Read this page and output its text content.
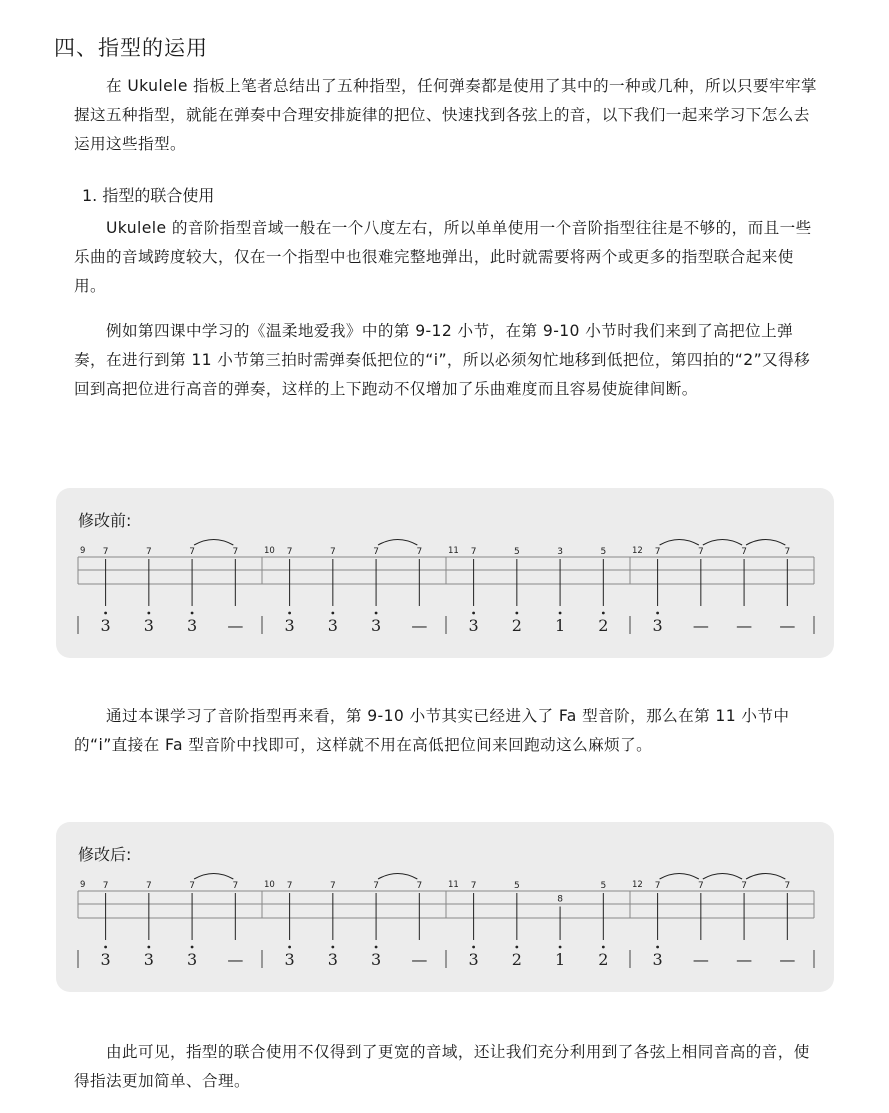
四、指型的运用

在 Ukulele 指板上笔者总结出了五种指型，任何弹奏都是使用了其中的一种或几种，所以只要牢牢掌握这五种指型，就能在弹奏中合理安排旋律的把位、快速找到各弦上的音，以下我们一起来学习下怎么去运用这些指型。

1. 指型的联合使用

Ukulele 的音阶指型音域一般在一个八度左右，所以单单使用一个音阶指型往往是不够的，而且一些乐曲的音域跨度较大，仅在一个指型中也很难完整地弹出，此时就需要将两个或更多的指型联合起来使用。

例如第四课中学习的《温柔地爱我》中的第 9-12 小节，在第 9-10 小节时我们来到了高把位上弹奏，在进行到第 11 小节第三拍时需弹奏低把位的“i”，所以必须匆忙地移到低把位，第四拍的“2”又得移回到高把位进行高音的弹奏，这样的上下跑动不仅增加了乐曲难度而且容易使旋律间断。

修改前:
9 7
3
7
3
7
3
7
—
10 7
3
7
3
7
3
7
—
11 7
3
5
2
3
1
5
2
12 7
3
7
—
7
—
7
—

通过本课学习了音阶指型再来看，第 9-10 小节其实已经进入了 Fa 型音阶，那么在第 11 小节中的“i”直接在 Fa 型音阶中找即可，这样就不用在高低把位间来回跑动这么麻烦了。

修改后:
9 7
3
7
3
7
3
7
—
10 7
3
7
3
7
3
7
—
11 7
3
5
2
8
1
5
2
12 7
3
7
—
7
—
7
—

由此可见，指型的联合使用不仅得到了更宽的音域，还让我们充分利用到了各弦上相同音高的音，使得指法更加简单、合理。
